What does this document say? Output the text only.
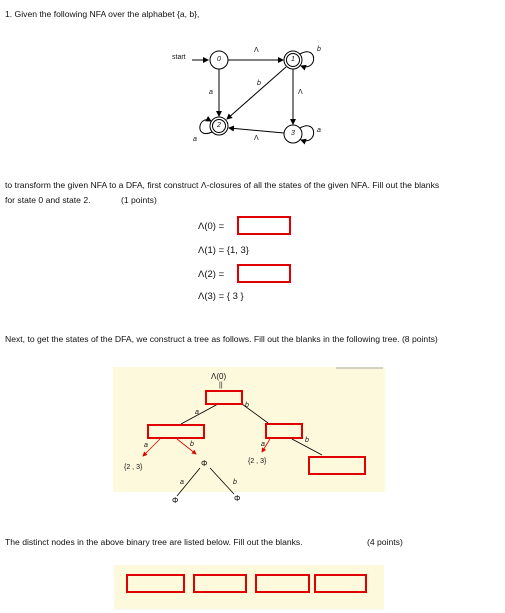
1. Given the following NFA over the alphabet {a, b},
start	0	1
2
3
Λ
a
b
Λ
Λ
b
a
a
to transform the given NFA to a DFA, first construct Λ-closures of all the states of the given NFA. Fill out the blanks
for state 0 and state 2.	(1 points)
Λ(0) =
Λ(1) = {1, 3}
Λ(2) =
Λ(3) = { 3 }
Next, to get the states of the DFA, we construct a tree as follows. Fill out the blanks in the following tree. (8 points)
Λ(0)
||
a
b
a	b	a
b
{2 , 3}	Φ	{2 , 3}
a	b
Φ	Φ
The distinct nodes in the above binary tree are listed below. Fill out the blanks.	(4 points)
